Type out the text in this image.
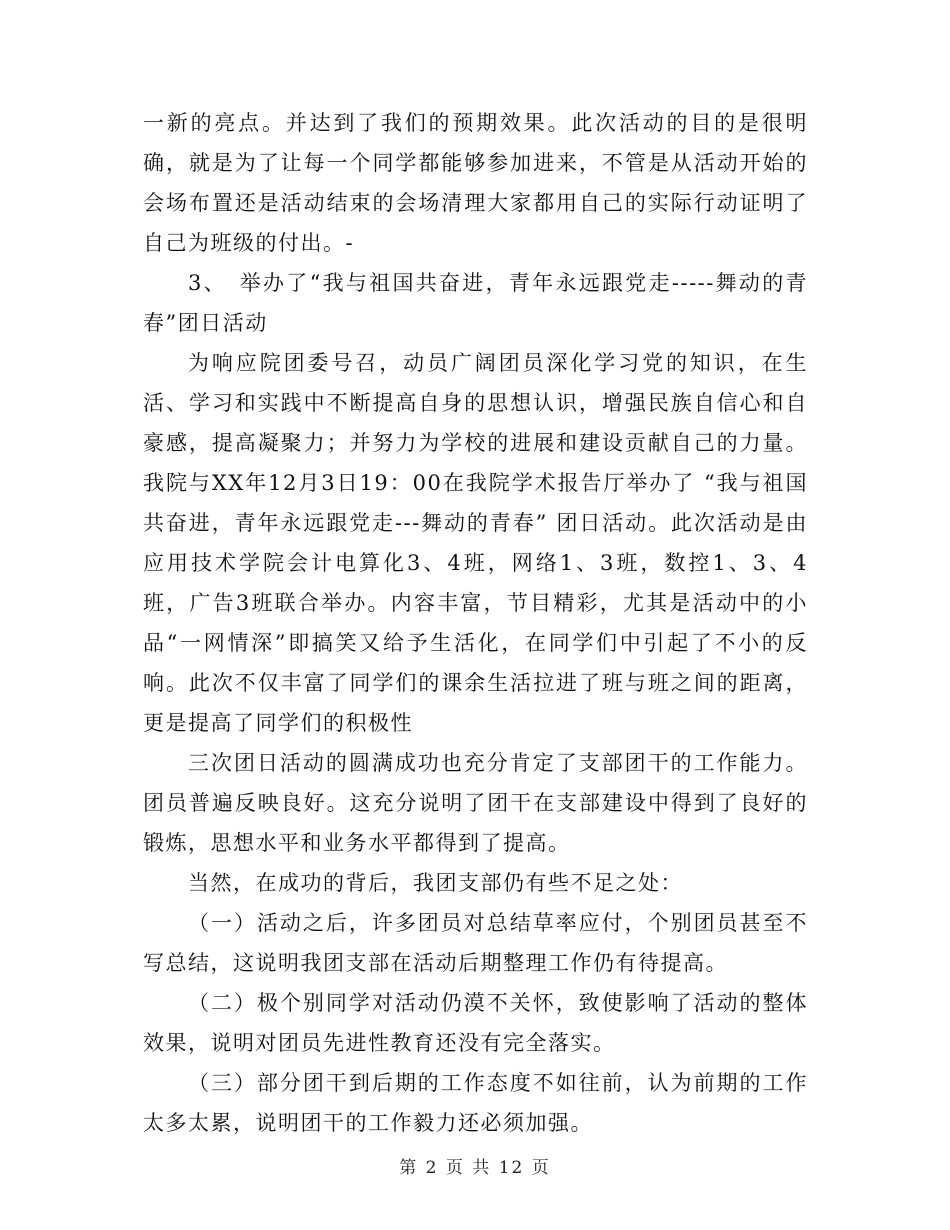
一新的亮点。并达到了我们的预期效果。此次活动的目的是很明确，就是为了让每一个同学都能够参加进来，不管是从活动开始的会场布置还是活动结束的会场清理大家都用自己的实际行动证明了自己为班级的付出。-

3、　举办了“我与祖国共奋进，青年永远跟党走-----舞动的青春”团日活动

为响应院团委号召，动员广阔团员深化学习党的知识，在生活、学习和实践中不断提高自身的思想认识，增强民族自信心和自豪感，提高凝聚力；并努力为学校的进展和建设贡献自己的力量。我院与XX年12月3日19：00在我院学术报告厅举办了 “我与祖国共奋进，青年永远跟党走---舞动的青春” 团日活动。此次活动是由应用技术学院会计电算化3、4班，网络1、3班，数控1、3、4班，广告3班联合举办。内容丰富，节目精彩，尤其是活动中的小品“一网情深”即搞笑又给予生活化，在同学们中引起了不小的反响。此次不仅丰富了同学们的课余生活拉进了班与班之间的距离，更是提高了同学们的积极性

三次团日活动的圆满成功也充分肯定了支部团干的工作能力。团员普遍反映良好。这充分说明了团干在支部建设中得到了良好的锻炼，思想水平和业务水平都得到了提高。

当然，在成功的背后，我团支部仍有些不足之处：

（一）活动之后，许多团员对总结草率应付，个别团员甚至不写总结，这说明我团支部在活动后期整理工作仍有待提高。

（二）极个别同学对活动仍漠不关怀，致使影响了活动的整体效果，说明对团员先进性教育还没有完全落实。

（三）部分团干到后期的工作态度不如往前，认为前期的工作太多太累，说明团干的工作毅力还必须加强。

第 2 页 共 12 页
